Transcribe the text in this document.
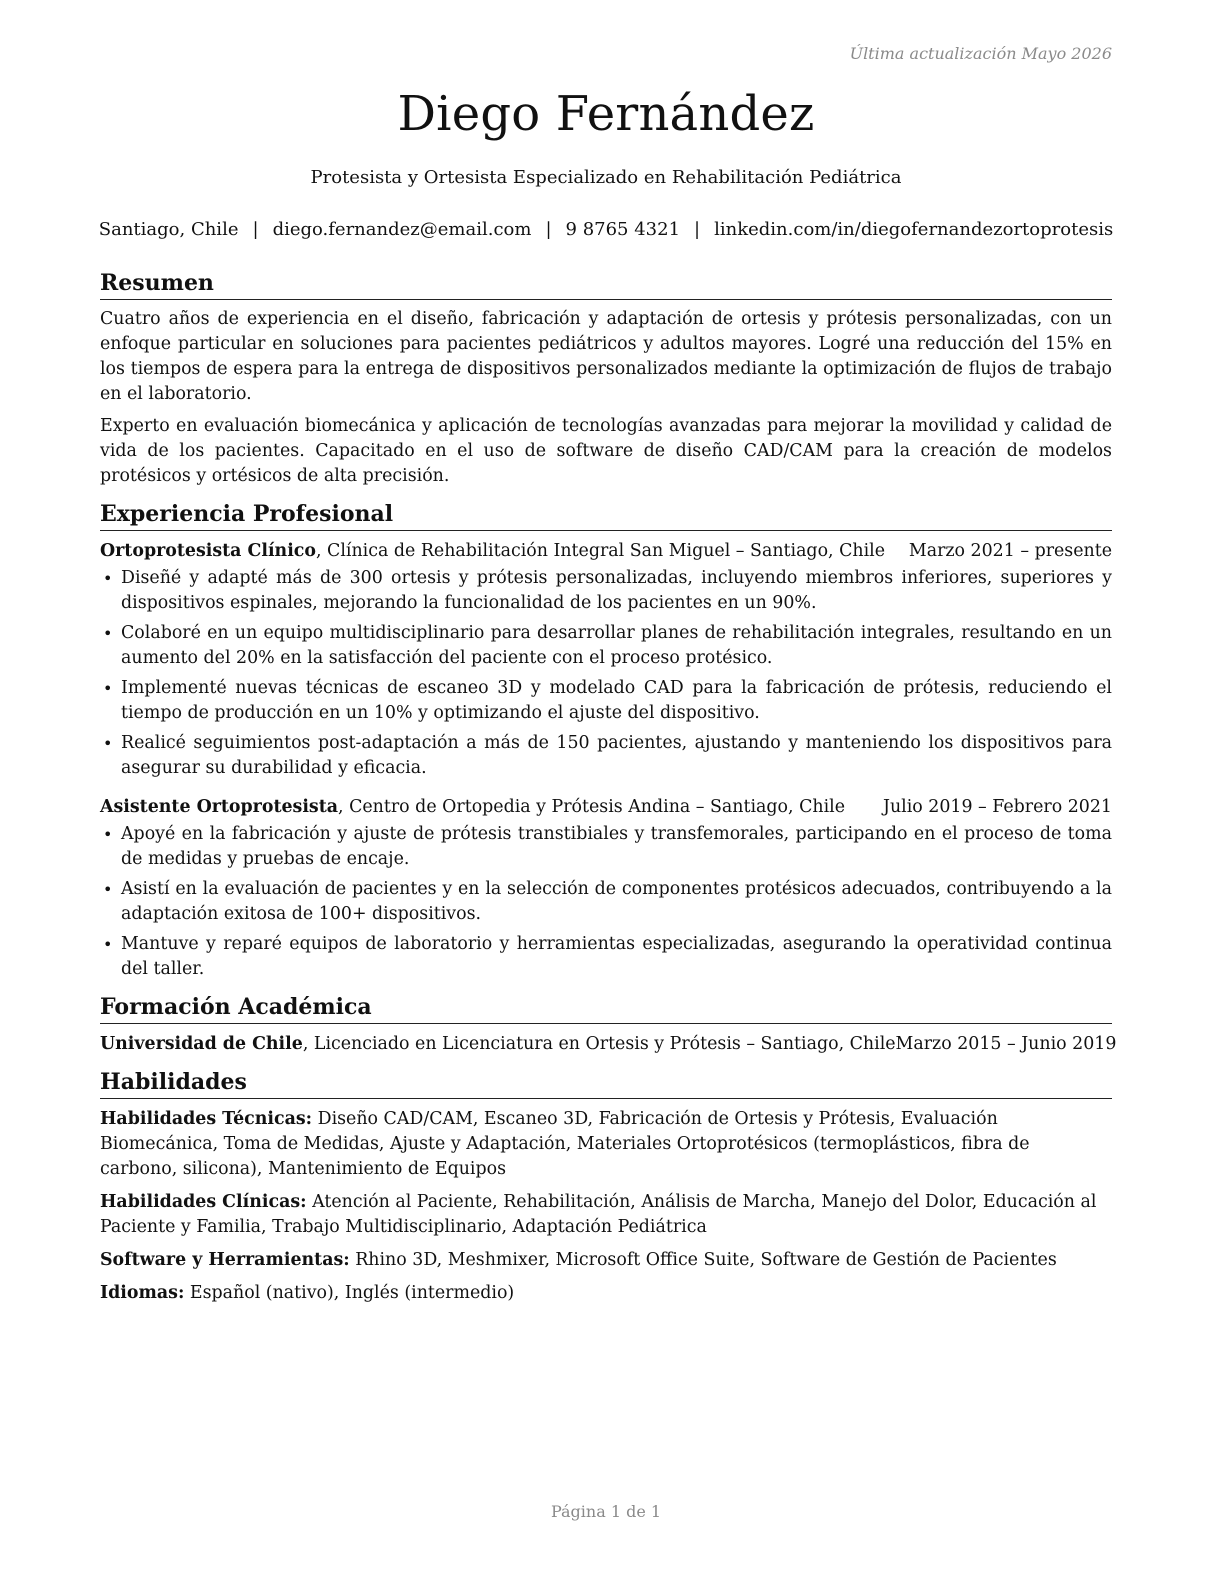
Última actualización Mayo 2026
Diego Fernández
Protesista y Ortesista Especializado en Rehabilitación Pediátrica
Santiago, Chile | diego.fernandez@email.com | 9 8765 4321 | linkedin.com/in/diegofernandezortoprotesis
Resumen

Cuatro años de experiencia en el diseño, fabricación y adaptación de ortesis y prótesis personalizadas, con un enfoque particular en soluciones para pacientes pediátricos y adultos mayores. Logré una reducción del 15% en los tiempos de espera para la entrega de dispositivos personalizados mediante la optimización de flujos de trabajo en el laboratorio.

Experto en evaluación biomecánica y aplicación de tecnologías avanzadas para mejorar la movilidad y calidad de vida de los pacientes. Capacitado en el uso de software de diseño CAD/CAM para la creación de modelos protésicos y ortésicos de alta precisión.

Experiencia Profesional
Ortoprotesista Clínico, Clínica de Rehabilitación Integral San Miguel – Santiago, Chile Marzo 2021 – presente
• Diseñé y adapté más de 300 ortesis y prótesis personalizadas, incluyendo miembros inferiores, superiores y dispositivos espinales, mejorando la funcionalidad de los pacientes en un 90%.
• Colaboré en un equipo multidisciplinario para desarrollar planes de rehabilitación integrales, resultando en un aumento del 20% en la satisfacción del paciente con el proceso protésico.
• Implementé nuevas técnicas de escaneo 3D y modelado CAD para la fabricación de prótesis, reduciendo el tiempo de producción en un 10% y optimizando el ajuste del dispositivo.
• Realicé seguimientos post-adaptación a más de 150 pacientes, ajustando y manteniendo los dispositivos para asegurar su durabilidad y eficacia.
Asistente Ortoprotesista, Centro de Ortopedia y Prótesis Andina – Santiago, Chile Julio 2019 – Febrero 2021
• Apoyé en la fabricación y ajuste de prótesis transtibiales y transfemorales, participando en el proceso de toma de medidas y pruebas de encaje.
• Asistí en la evaluación de pacientes y en la selección de componentes protésicos adecuados, contribuyendo a la adaptación exitosa de 100+ dispositivos.
• Mantuve y reparé equipos de laboratorio y herramientas especializadas, asegurando la operatividad continua del taller.
Formación Académica
Universidad de Chile, Licenciado en Licenciatura en Ortesis y Prótesis – Santiago, Chile Marzo 2015 – Junio 2019
Habilidades

Habilidades Técnicas: Diseño CAD/CAM, Escaneo 3D, Fabricación de Ortesis y Prótesis, Evaluación Biomecánica, Toma de Medidas, Ajuste y Adaptación, Materiales Ortoprotésicos (termoplásticos, fibra de carbono, silicona), Mantenimiento de Equipos

Habilidades Clínicas: Atención al Paciente, Rehabilitación, Análisis de Marcha, Manejo del Dolor, Educación al Paciente y Familia, Trabajo Multidisciplinario, Adaptación Pediátrica

Software y Herramientas: Rhino 3D, Meshmixer, Microsoft Office Suite, Software de Gestión de Pacientes

Idiomas: Español (nativo), Inglés (intermedio)

Página 1 de 1
